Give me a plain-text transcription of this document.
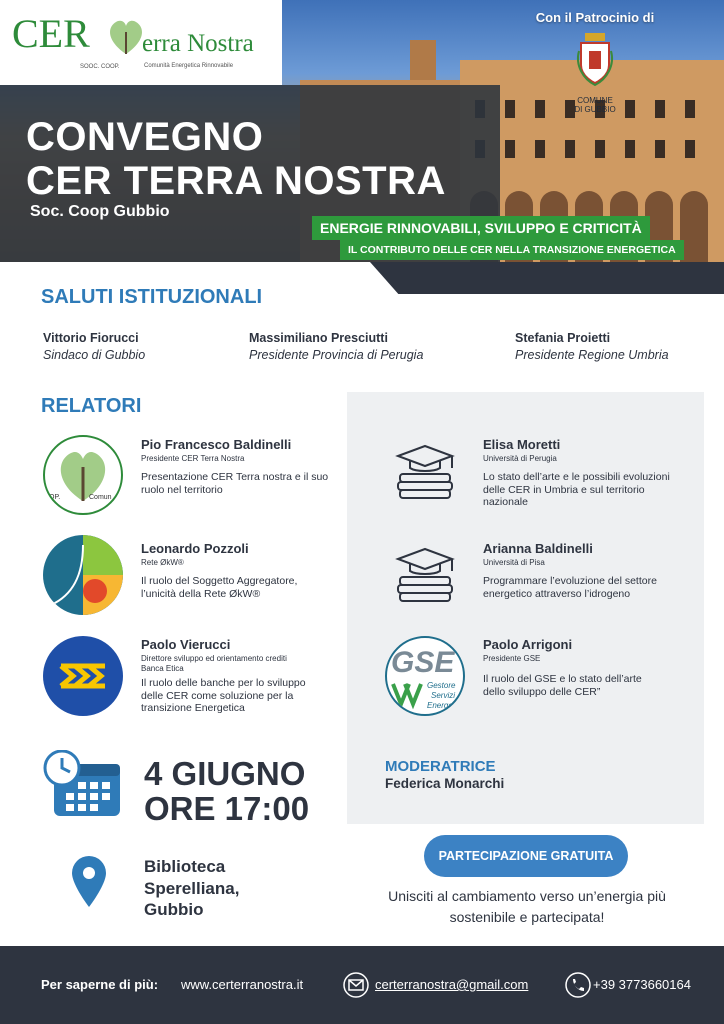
CER erra Nostra
SOOC. COOP.	Comunità Energetica Rinnovabile
CONVEGNO
CER TERRA NOSTRA
Soc. Coop Gubbio
ENERGIE RINNOVABILI, SVILUPPO E CRITICITÀ
IL CONTRIBUTO DELLE CER NELLA TRANSIZIONE ENERGETICA
Con il Patrocinio di
COMUNE
DI GUBBIO
SALUTI ISTITUZIONALI
Vittorio Fiorucci
Sindaco di Gubbio
Massimiliano Presciutti
Presidente Provincia di Perugia
Stefania Proietti
Presidente Regione Umbria
RELATORI
OP.	Comun
Pio Francesco Baldinelli
Presidente CER Terra Nostra
Presentazione CER Terra nostra e il suo ruolo nel territorio
Leonardo Pozzoli
Rete ØkW®
Il ruolo del Soggetto Aggregatore, l’unicità della Rete ØkW®
Paolo Vierucci
Direttore sviluppo ed orientamento crediti Banca Etica
Il ruolo delle banche per lo sviluppo delle CER come soluzione per la transizione Energetica
GSE
Gestore
Servizi
Energetici
Elisa Moretti
Università di Perugia
Lo stato dell’arte e le possibili evoluzioni delle CER in Umbria e sul territorio nazionale
Arianna Baldinelli
Università di Pisa
Programmare l’evoluzione del settore energetico attraverso l’idrogeno
Paolo Arrigoni
Presidente GSE
Il ruolo del GSE e lo stato dell’arte dello sviluppo delle CER”
4 GIUGNO
ORE 17:00
Biblioteca
Sperelliana,
Gubbio
MODERATRICE
Federica Monarchi
PARTECIPAZIONE GRATUITA
Unisciti al cambiamento verso un’energia più
sostenibile e partecipata!
Per saperne di più: www.certerranostra.it	certerranostra@gmail.com	+39 3773660164
